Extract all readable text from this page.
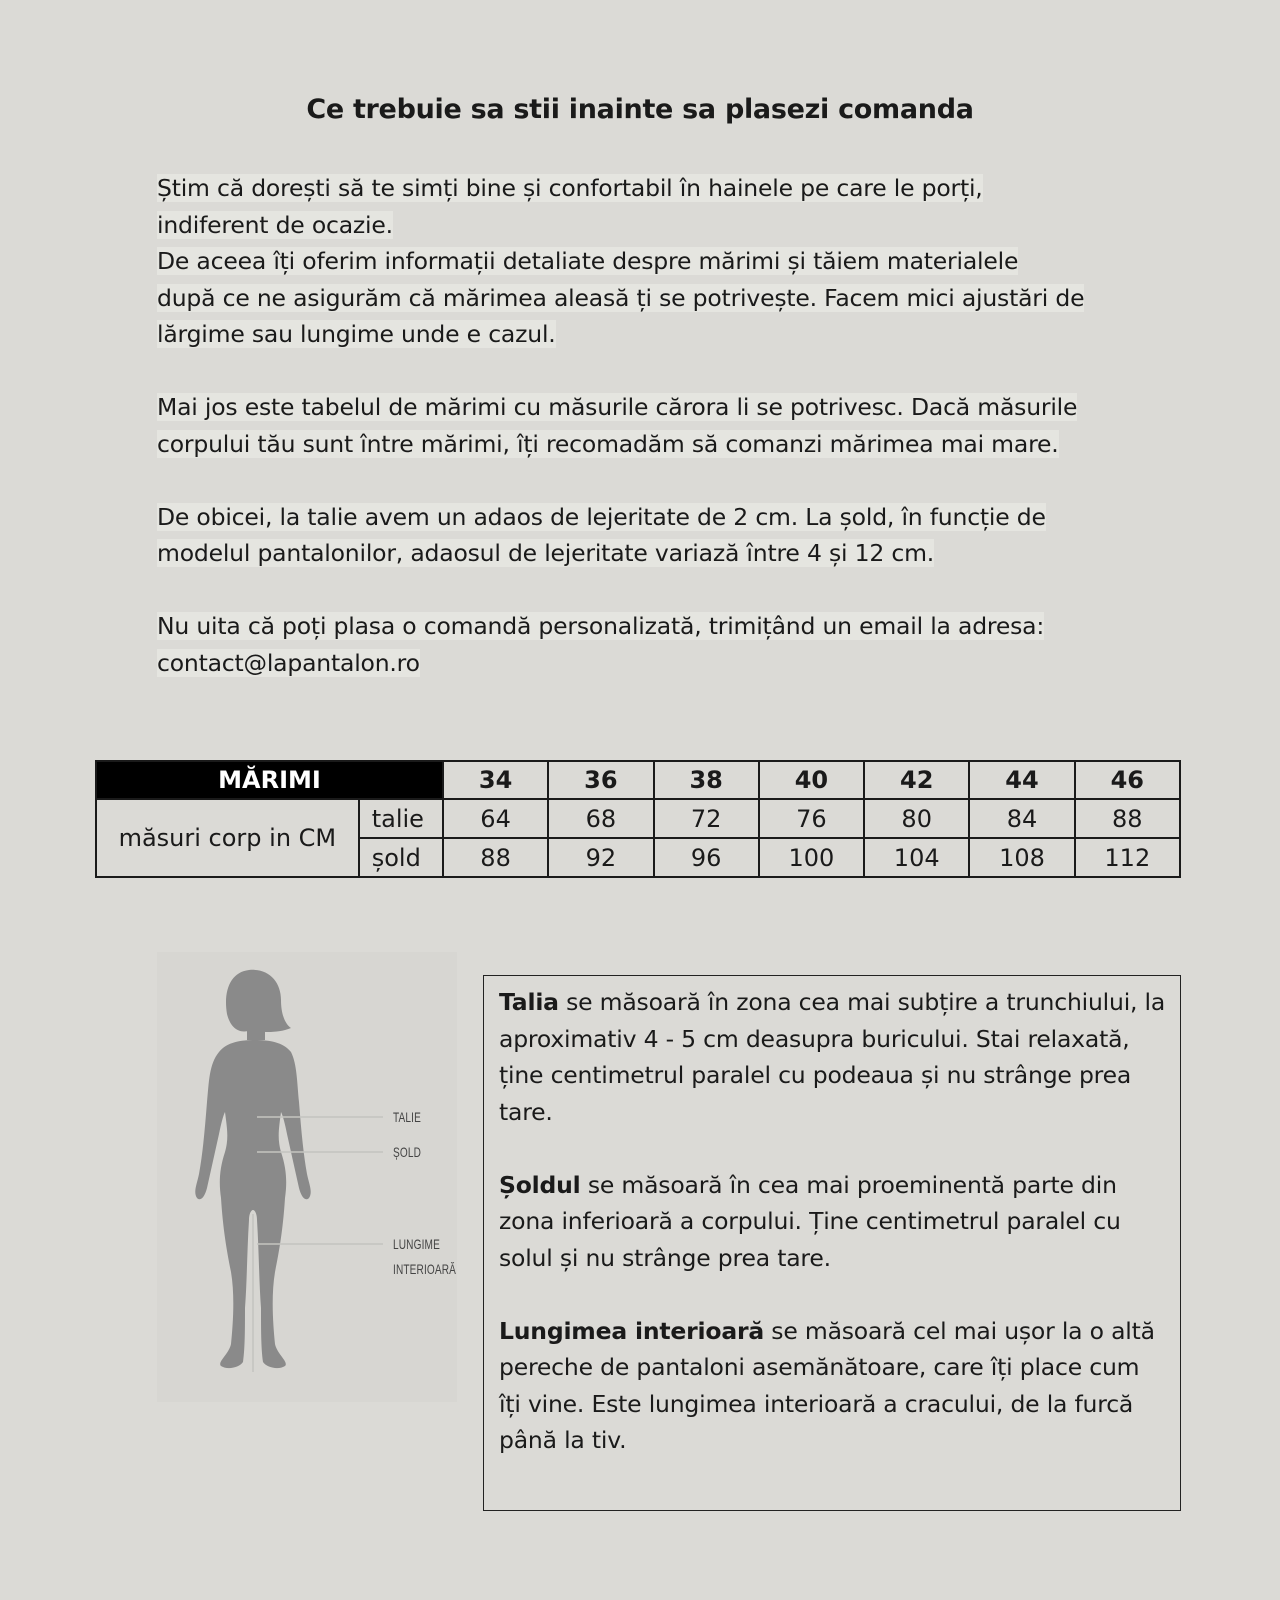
Ce trebuie sa stii inainte sa plasezi comanda

Știm că dorești să te simți bine și confortabil în hainele pe care le porți,
indiferent de ocazie.
De aceea îți oferim informații detaliate despre mărimi și tăiem materialele
după ce ne asigurăm că mărimea aleasă ți se potrivește. Facem mici ajustări de
lărgime sau lungime unde e cazul.

Mai jos este tabelul de mărimi cu măsurile cărora li se potrivesc. Dacă măsurile
corpului tău sunt între mărimi, îți recomadăm să comanzi mărimea mai mare.

De obicei, la talie avem un adaos de lejeritate de 2 cm. La șold, în funcție de
modelul pantalonilor, adaosul de lejeritate variază între 4 și 12 cm.

Nu uita că poți plasa o comandă personalizată, trimițând un email la adresa:
contact@lapantalon.ro

MĂRIMI		34	36	38	40	42	44	46
măsuri corp in CM	talie	64	68	72	76	80	84	88
	șold	88	92	96	100	104	108	112
TALIE
ȘOLD
LUNGIME
INTERIOARĂ

Talia se măsoară în zona cea mai subțire a trunchiului, la aproximativ 4 - 5 cm deasupra buricului. Stai relaxată, ține centimetrul paralel cu podeaua și nu strânge prea tare.

Șoldul se măsoară în cea mai proeminentă parte din zona inferioară a corpului. Ține centimetrul paralel cu solul și nu strânge prea tare.

Lungimea interioară se măsoară cel mai ușor la o altă pereche de pantaloni asemănătoare, care îți place cum îți vine. Este lungimea interioară a cracului, de la furcă până la tiv.
